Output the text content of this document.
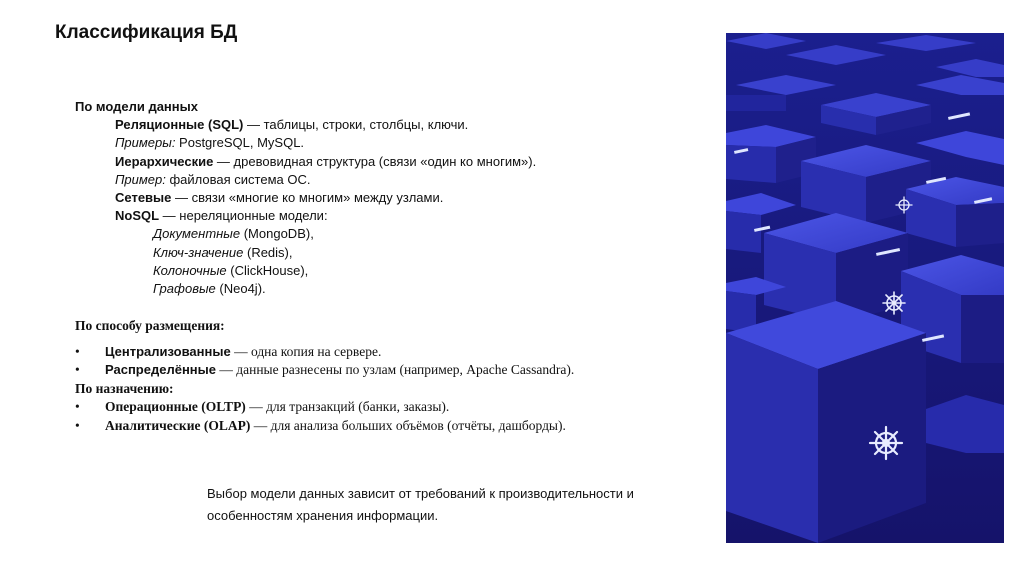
Классификация БД
По модели данных
Реляционные (SQL) — таблицы, строки, столбцы, ключи.
Примеры: PostgreSQL, MySQL.
Иерархические — древовидная структура (связи «один ко многим»).
Пример: файловая система ОС.
Сетевые — связи «многие ко многим» между узлами.
NoSQL — нереляционные модели:
Документные (MongoDB),
Ключ-значение (Redis),
Колоночные (ClickHouse),
Графовые (Neo4j).
По способу размещения:
• Централизованные — одна копия на сервере.
• Распределённые — данные разнесены по узлам (например, Apache Cassandra).
По назначению:
• Операционные (OLTP) — для транзакций (банки, заказы).
• Аналитические (OLAP) — для анализа больших объёмов (отчёты, дашборды).
Выбор модели данных зависит от требований к производительности и
особенностям хранения информации.
